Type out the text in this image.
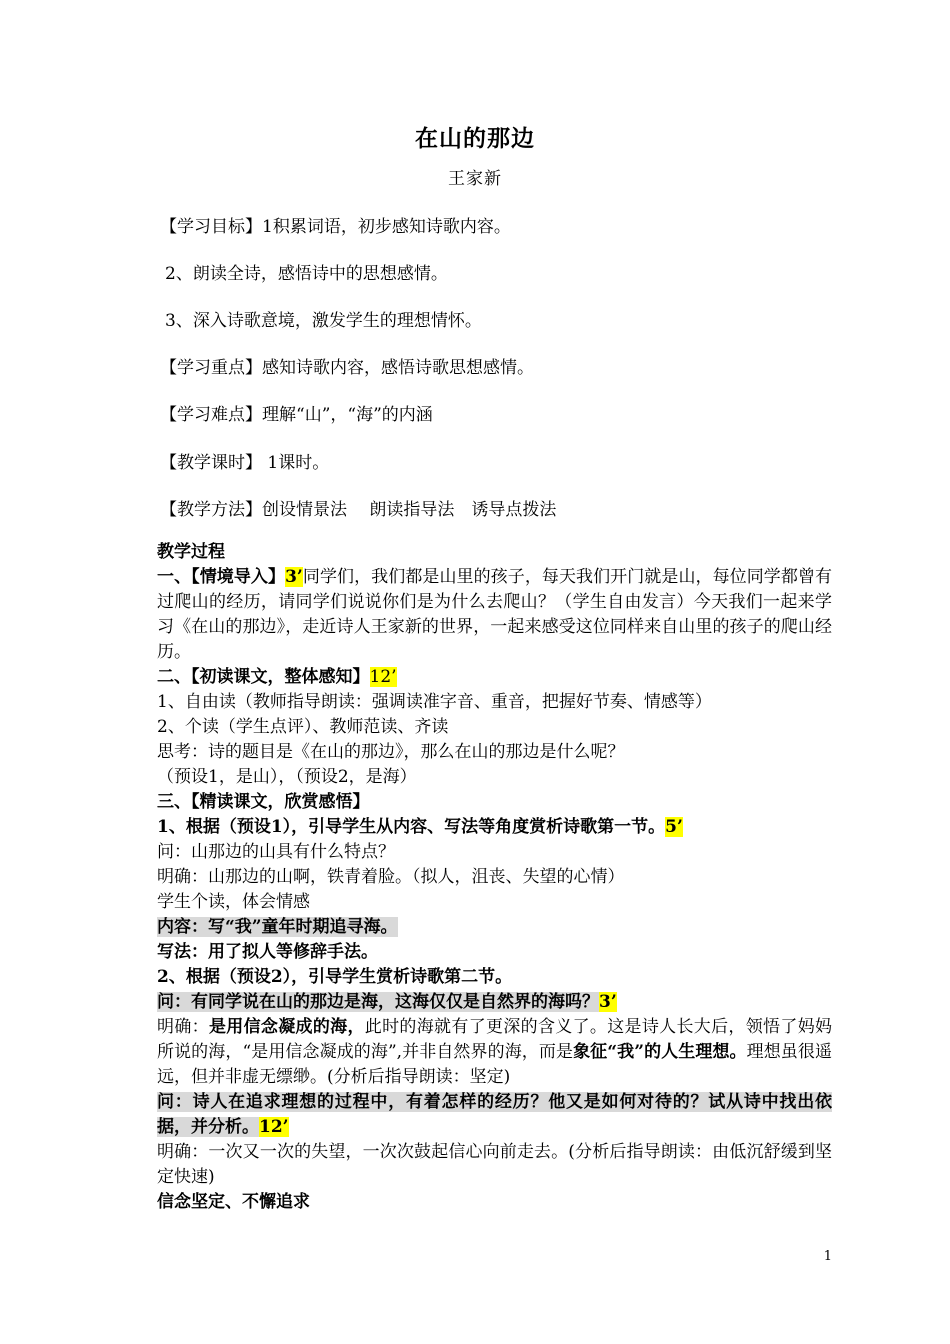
在山的那边
王家新
【学习目标】1积累词语，初步感知诗歌内容。
2、朗读全诗，感悟诗中的思想感情。
3、深入诗歌意境，激发学生的理想情怀。
【学习重点】感知诗歌内容，感悟诗歌思想感情。
【学习难点】理解“山”，“海”的内涵
【教学课时】 1课时。
【教学方法】创设情景法　 朗读指导法　诱导点拨法

教学过程

一、【情境导入】3’同学们，我们都是山里的孩子，每天我们开门就是山，每位同学都曾有过爬山的经历，请同学们说说你们是为什么去爬山？（学生自由发言）今天我们一起来学习《在山的那边》，走近诗人王家新的世界，一起来感受这位同样来自山里的孩子的爬山经历。

二、【初读课文，整体感知】12’

1、自由读（教师指导朗读：强调读准字音、重音，把握好节奏、情感等）

2、个读（学生点评）、教师范读、齐读

思考：诗的题目是《在山的那边》，那么在山的那边是什么呢？

（预设1，是山），（预设2，是海）

三、【精读课文，欣赏感悟】

1、根据（预设1），引导学生从内容、写法等角度赏析诗歌第一节。5’

问：山那边的山具有什么特点？

明确：山那边的山啊，铁青着脸。（拟人，沮丧、失望的心情）

学生个读，体会情感

内容：写“我”童年时期追寻海。

写法：用了拟人等修辞手法。

2、根据（预设2），引导学生赏析诗歌第二节。

问：有同学说在山的那边是海，这海仅仅是自然界的海吗？3’

明确：是用信念凝成的海，此时的海就有了更深的含义了。这是诗人长大后，领悟了妈妈所说的海，“是用信念凝成的海”,并非自然界的海，而是象征“我”的人生理想。理想虽很遥远，但并非虚无缥缈。(分析后指导朗读：坚定)

问：诗人在追求理想的过程中，有着怎样的经历？他又是如何对待的？试从诗中找出依据，并分析。12’

明确：一次又一次的失望，一次次鼓起信心向前走去。(分析后指导朗读：由低沉舒缓到坚定快速)

信念坚定、不懈追求

1
